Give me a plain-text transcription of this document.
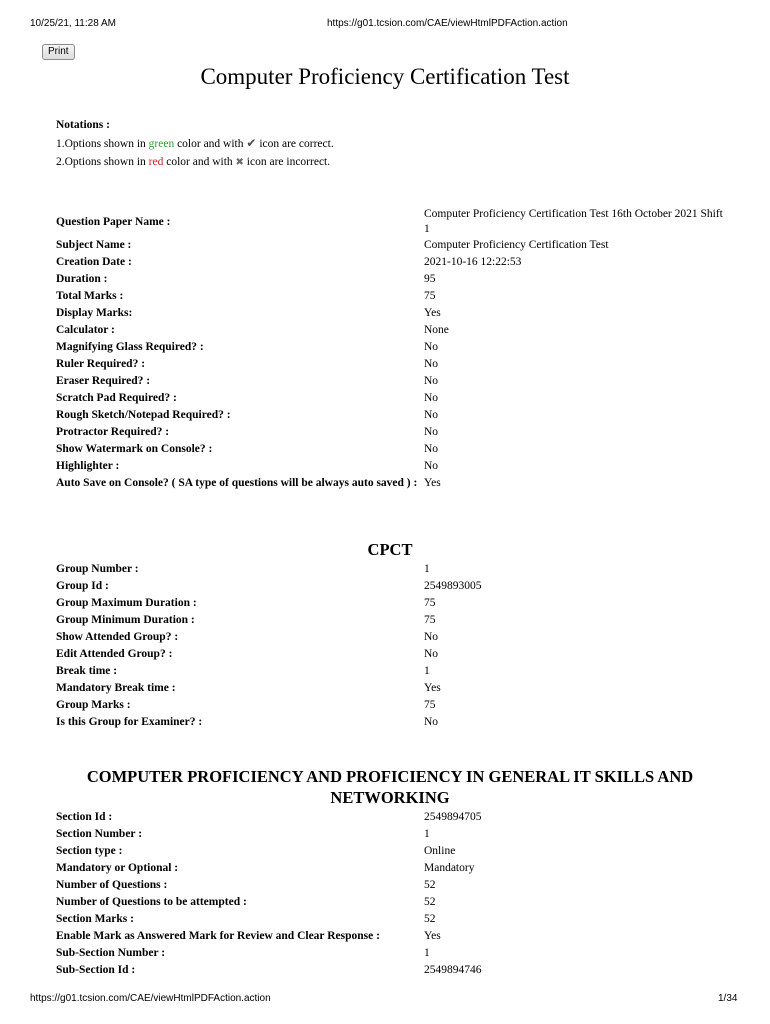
10/25/21, 11:28 AM	https://g01.tcsion.com/CAE/viewHtmlPDFAction.action
Print
Computer Proficiency Certification Test
Notations :
1.Options shown in green color and with ✔ icon are correct.
2.Options shown in red color and with ✖ icon are incorrect.
Question Paper Name :
Computer Proficiency Certification Test 16th October 2021 Shift 1
Subject Name :	Computer Proficiency Certification Test
Creation Date :	2021-10-16 12:22:53
Duration :	95
Total Marks :	75
Display Marks:	Yes
Calculator :	None
Magnifying Glass Required? :	No
Ruler Required? :	No
Eraser Required? :	No
Scratch Pad Required? :	No
Rough Sketch/Notepad Required? :	No
Protractor Required? :	No
Show Watermark on Console? :	No
Highlighter :	No
Auto Save on Console? ( SA type of questions will be always auto saved ) : Yes
CPCT
Group Number :	1
Group Id :	2549893005
Group Maximum Duration :	75
Group Minimum Duration :	75
Show Attended Group? :	No
Edit Attended Group? :	No
Break time :	1
Mandatory Break time :	Yes
Group Marks :	75
Is this Group for Examiner? :	No
COMPUTER PROFICIENCY AND PROFICIENCY IN GENERAL IT SKILLS AND NETWORKING
Section Id :	2549894705
Section Number :	1
Section type :	Online
Mandatory or Optional :	Mandatory
Number of Questions :	52
Number of Questions to be attempted :	52
Section Marks :	52
Enable Mark as Answered Mark for Review and Clear Response :	Yes
Sub-Section Number :	1
Sub-Section Id :	2549894746
https://g01.tcsion.com/CAE/viewHtmlPDFAction.action	1/34
